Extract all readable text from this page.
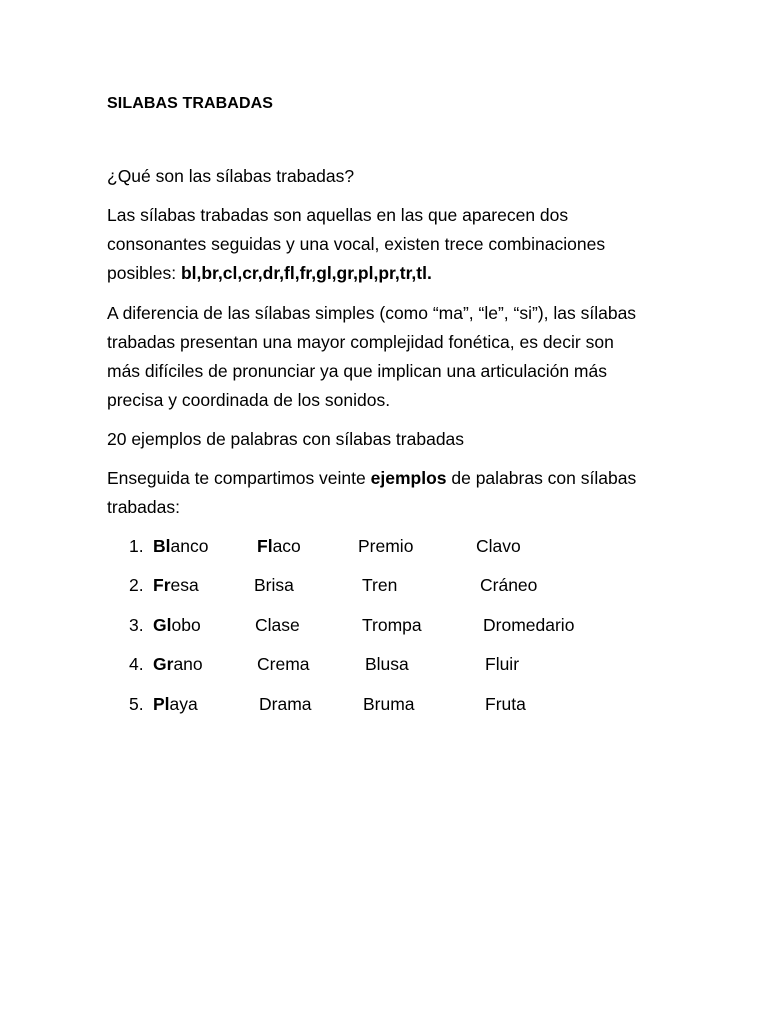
SILABAS TRABADAS
¿Qué son las sílabas trabadas?
Las sílabas trabadas son aquellas en las que aparecen dos
consonantes seguidas y una vocal, existen trece combinaciones
posibles: bl,br,cl,cr,dr,fl,fr,gl,gr,pl,pr,tr,tl.
A diferencia de las sílabas simples (como “ma”, “le”, “si”), las sílabas
trabadas presentan una mayor complejidad fonética, es decir son
más difíciles de pronunciar ya que implican una articulación más
precisa y coordinada de los sonidos.
20 ejemplos de palabras con sílabas trabadas
Enseguida te compartimos veinte ejemplos de palabras con sílabas
trabadas:
1. Blanco	Flaco	Premio	Clavo
2. Fresa	Brisa	Tren	Cráneo
3. Globo	Clase	Trompa	Dromedario
4. Grano	Crema	Blusa	Fluir
5. Playa	Drama	Bruma	Fruta
